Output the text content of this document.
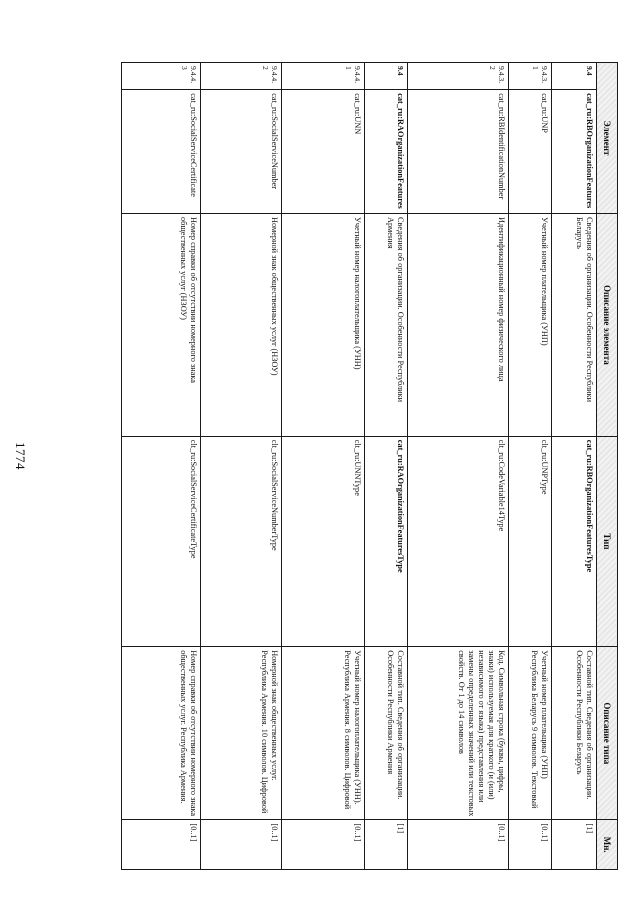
1774
Элемент		Описание элемента	Тип	Описание типа	Мн.
9.4	cat_ru:RBOrganizationFeatures	Сведения об организации. Особенности Республики Беларусь	cat_ru:RBOrganizationFeaturesType	Составной тип. Сведения об организации. Особенности Республики Беларусь	[1]
9.4.3.1	cat_ru:UNP	Учетный номер плательщика (УНП)	clt_ru:UNPType	Учетный номер плательщика (УНП) Республика Беларусь 9 символов. Текстовый	[0..1]
9.4.3.2	cat_ru:RBIdentificationNumber	Идентификационный номер физического лица	clt_ru:CodeVariable14Type	Код. Символьная строка (буквы, цифры, знаки) используемая для краткого (и (или) независимого от языка) представления или замены определенных значений или текстовых свойств. От 1 до 14 символов	[0..1]
9.4	cat_ru:RAOrganizationFeatures	Сведения об организации. Особенности Республики Армения	cat_ru:RAOrganizationFeaturesType	Составной тип. Сведения об организации. Особенности Республики Армения	[1]
9.4.4.1	cat_ru:UNN	Учетный номер налогоплательщика (УНН)	clt_ru:UNNType	Учетный номер налогоплательщика (УНН). Республика Армения. 8 символов. Цифровой	[0..1]
9.4.4.2	cat_ru:SocialServiceNumber	Номерной знак общественных услуг (НЗОУ)	clt_ru:SocialServiceNumberType	Номерной знак общественных услуг. Республика Армения. 10 символов. Цифровой	[0..1]
9.4.4.3	cat_ru:SocialServiceCertificate	Номер справки об отсутствии номерного знака общественных услуг (НЗОУ)	clt_ru:SocialServiceCertificateType	Номер справки об отсутствии номерного знака общественных услуг. Республика Армения.	[0..1]
